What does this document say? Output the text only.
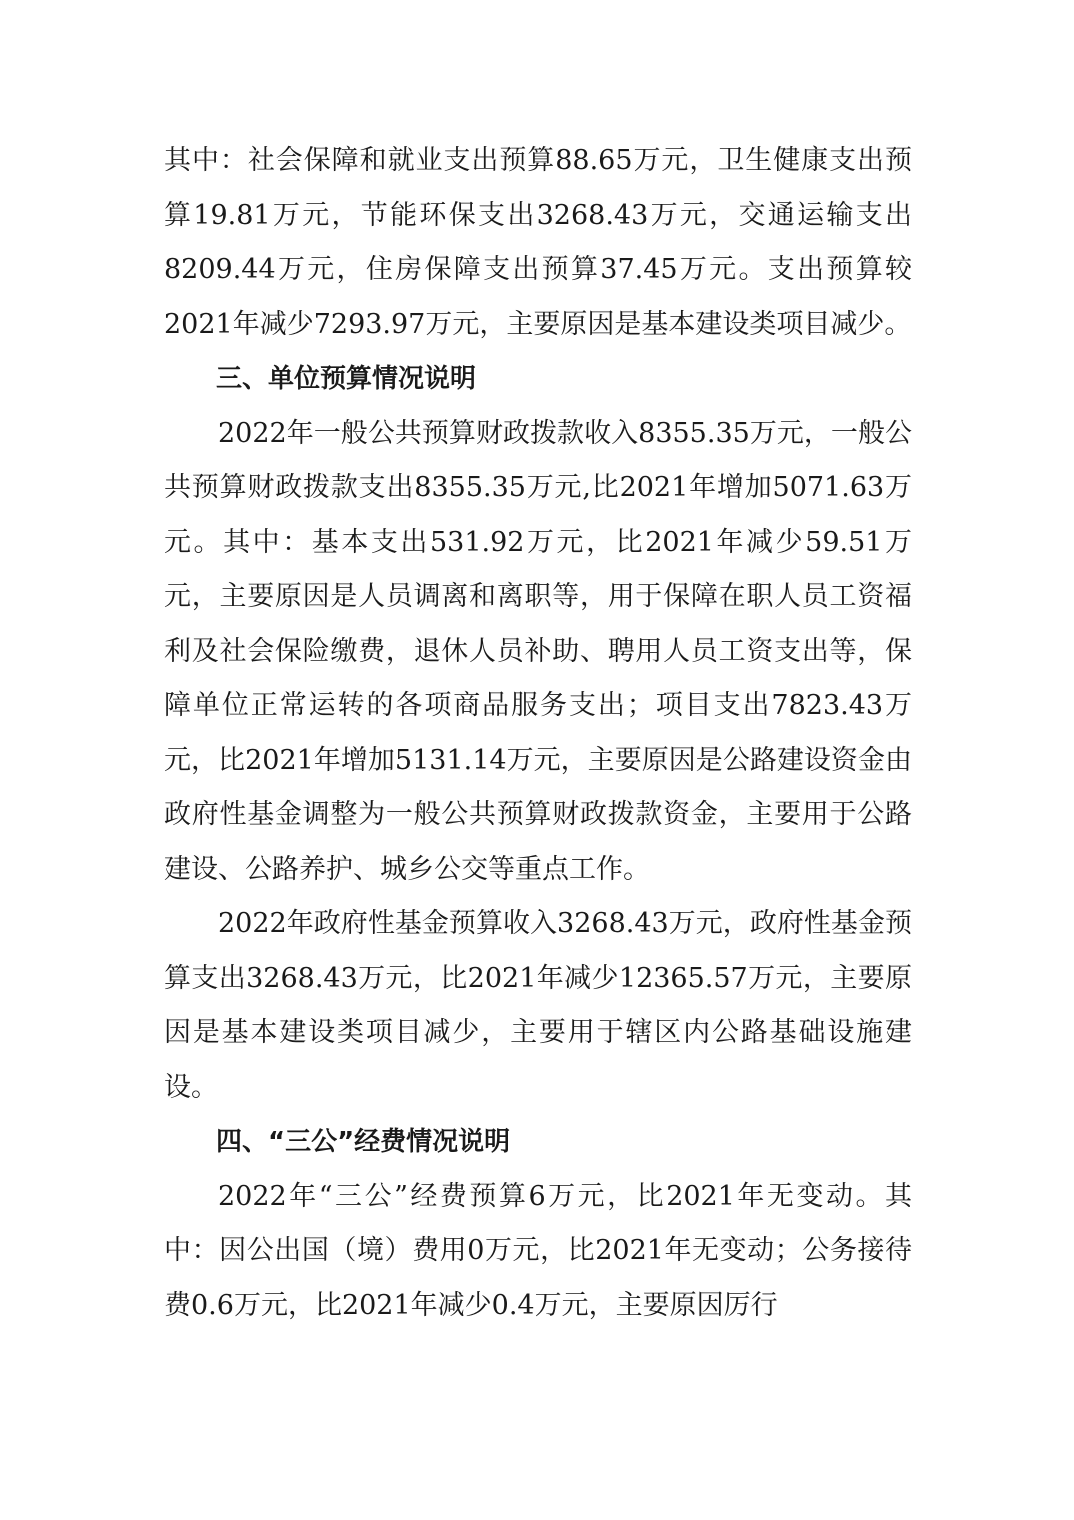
其中：社会保障和就业支出预算88.65万元，卫生健康支出预算19.81万元，节能环保支出3268.43万元，交通运输支出8209.44万元，住房保障支出预算37.45万元。支出预算较2021年减少7293.97万元，主要原因是基本建设类项目减少。

三、单位预算情况说明

2022年一般公共预算财政拨款收入8355.35万元，一般公共预算财政拨款支出8355.35万元,比2021年增加5071.63万元。其中：基本支出531.92万元，比2021年减少59.51万元，主要原因是人员调离和离职等，用于保障在职人员工资福利及社会保险缴费，退休人员补助、聘用人员工资支出等，保障单位正常运转的各项商品服务支出；项目支出7823.43万元，比2021年增加5131.14万元，主要原因是公路建设资金由政府性基金调整为一般公共预算财政拨款资金，主要用于公路建设、公路养护、城乡公交等重点工作。

2022年政府性基金预算收入3268.43万元，政府性基金预算支出3268.43万元，比2021年减少12365.57万元，主要原因是基本建设类项目减少，主要用于辖区内公路基础设施建设。

四、“三公”经费情况说明

2022年“三公”经费预算6万元，比2021年无变动。其中：因公出国（境）费用0万元，比2021年无变动；公务接待费0.6万元，比2021年减少0.4万元，主要原因厉行
